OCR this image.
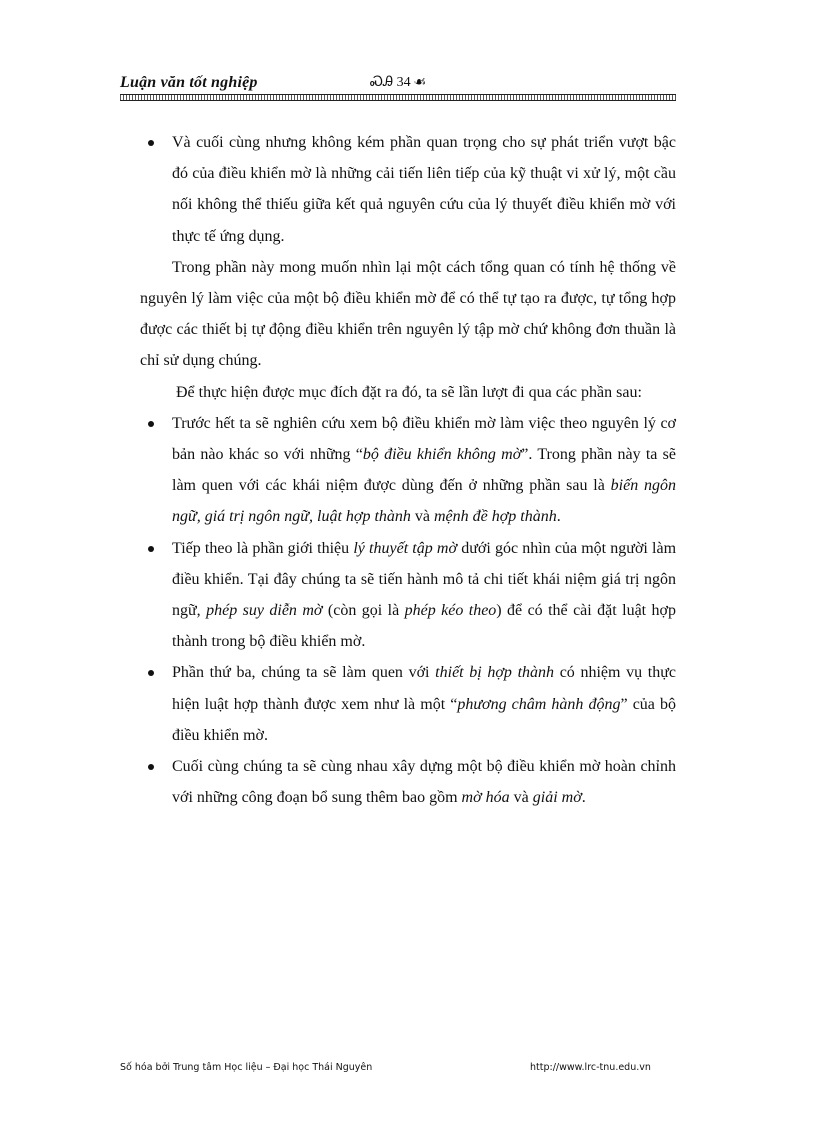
Luận văn tốt nghiệp	ᏍᎯ 34 ☙

Và cuối cùng nhưng không kém phần quan trọng cho sự phát triển vượt bậc đó của điều khiển mờ là những cải tiến liên tiếp của kỹ thuật vi xử lý, một cầu nối không thể thiếu giữa kết quả nguyên cứu của lý thuyết điều khiển mờ với thực tế ứng dụng.

Trong phần này mong muốn nhìn lại một cách tổng quan có tính hệ thống về nguyên lý làm việc của một bộ điều khiển mờ để có thể tự tạo ra được, tự tổng hợp được các thiết bị tự động điều khiển trên nguyên lý tập mờ chứ không đơn thuần là chỉ sử dụng chúng.

Để thực hiện được mục đích đặt ra đó, ta sẽ lần lượt đi qua các phần sau:

Trước hết ta sẽ nghiên cứu xem bộ điều khiển mờ làm việc theo nguyên lý cơ bản nào khác so với những “bộ điều khiển không mờ”. Trong phần này ta sẽ làm quen với các khái niệm được dùng đến ở những phần sau là biến ngôn ngữ, giá trị ngôn ngữ, luật hợp thành và mệnh đề hợp thành.

Tiếp theo là phần giới thiệu lý thuyết tập mờ dưới góc nhìn của một người làm điều khiển. Tại đây chúng ta sẽ tiến hành mô tả chi tiết khái niệm giá trị ngôn ngữ, phép suy diễn mờ (còn gọi là phép kéo theo) để có thể cài đặt luật hợp thành trong bộ điều khiển mờ.

Phần thứ ba, chúng ta sẽ làm quen với thiết bị hợp thành có nhiệm vụ thực hiện luật hợp thành được xem như là một “phương châm hành động” của bộ điều khiển mờ.

Cuối cùng chúng ta sẽ cùng nhau xây dựng một bộ điều khiển mờ hoàn chỉnh với những công đoạn bổ sung thêm bao gồm mờ hóa và giải mờ.

Số hóa bởi Trung tâm Học liệu – Đại học Thái Nguyên	http://www.lrc-tnu.edu.vn
